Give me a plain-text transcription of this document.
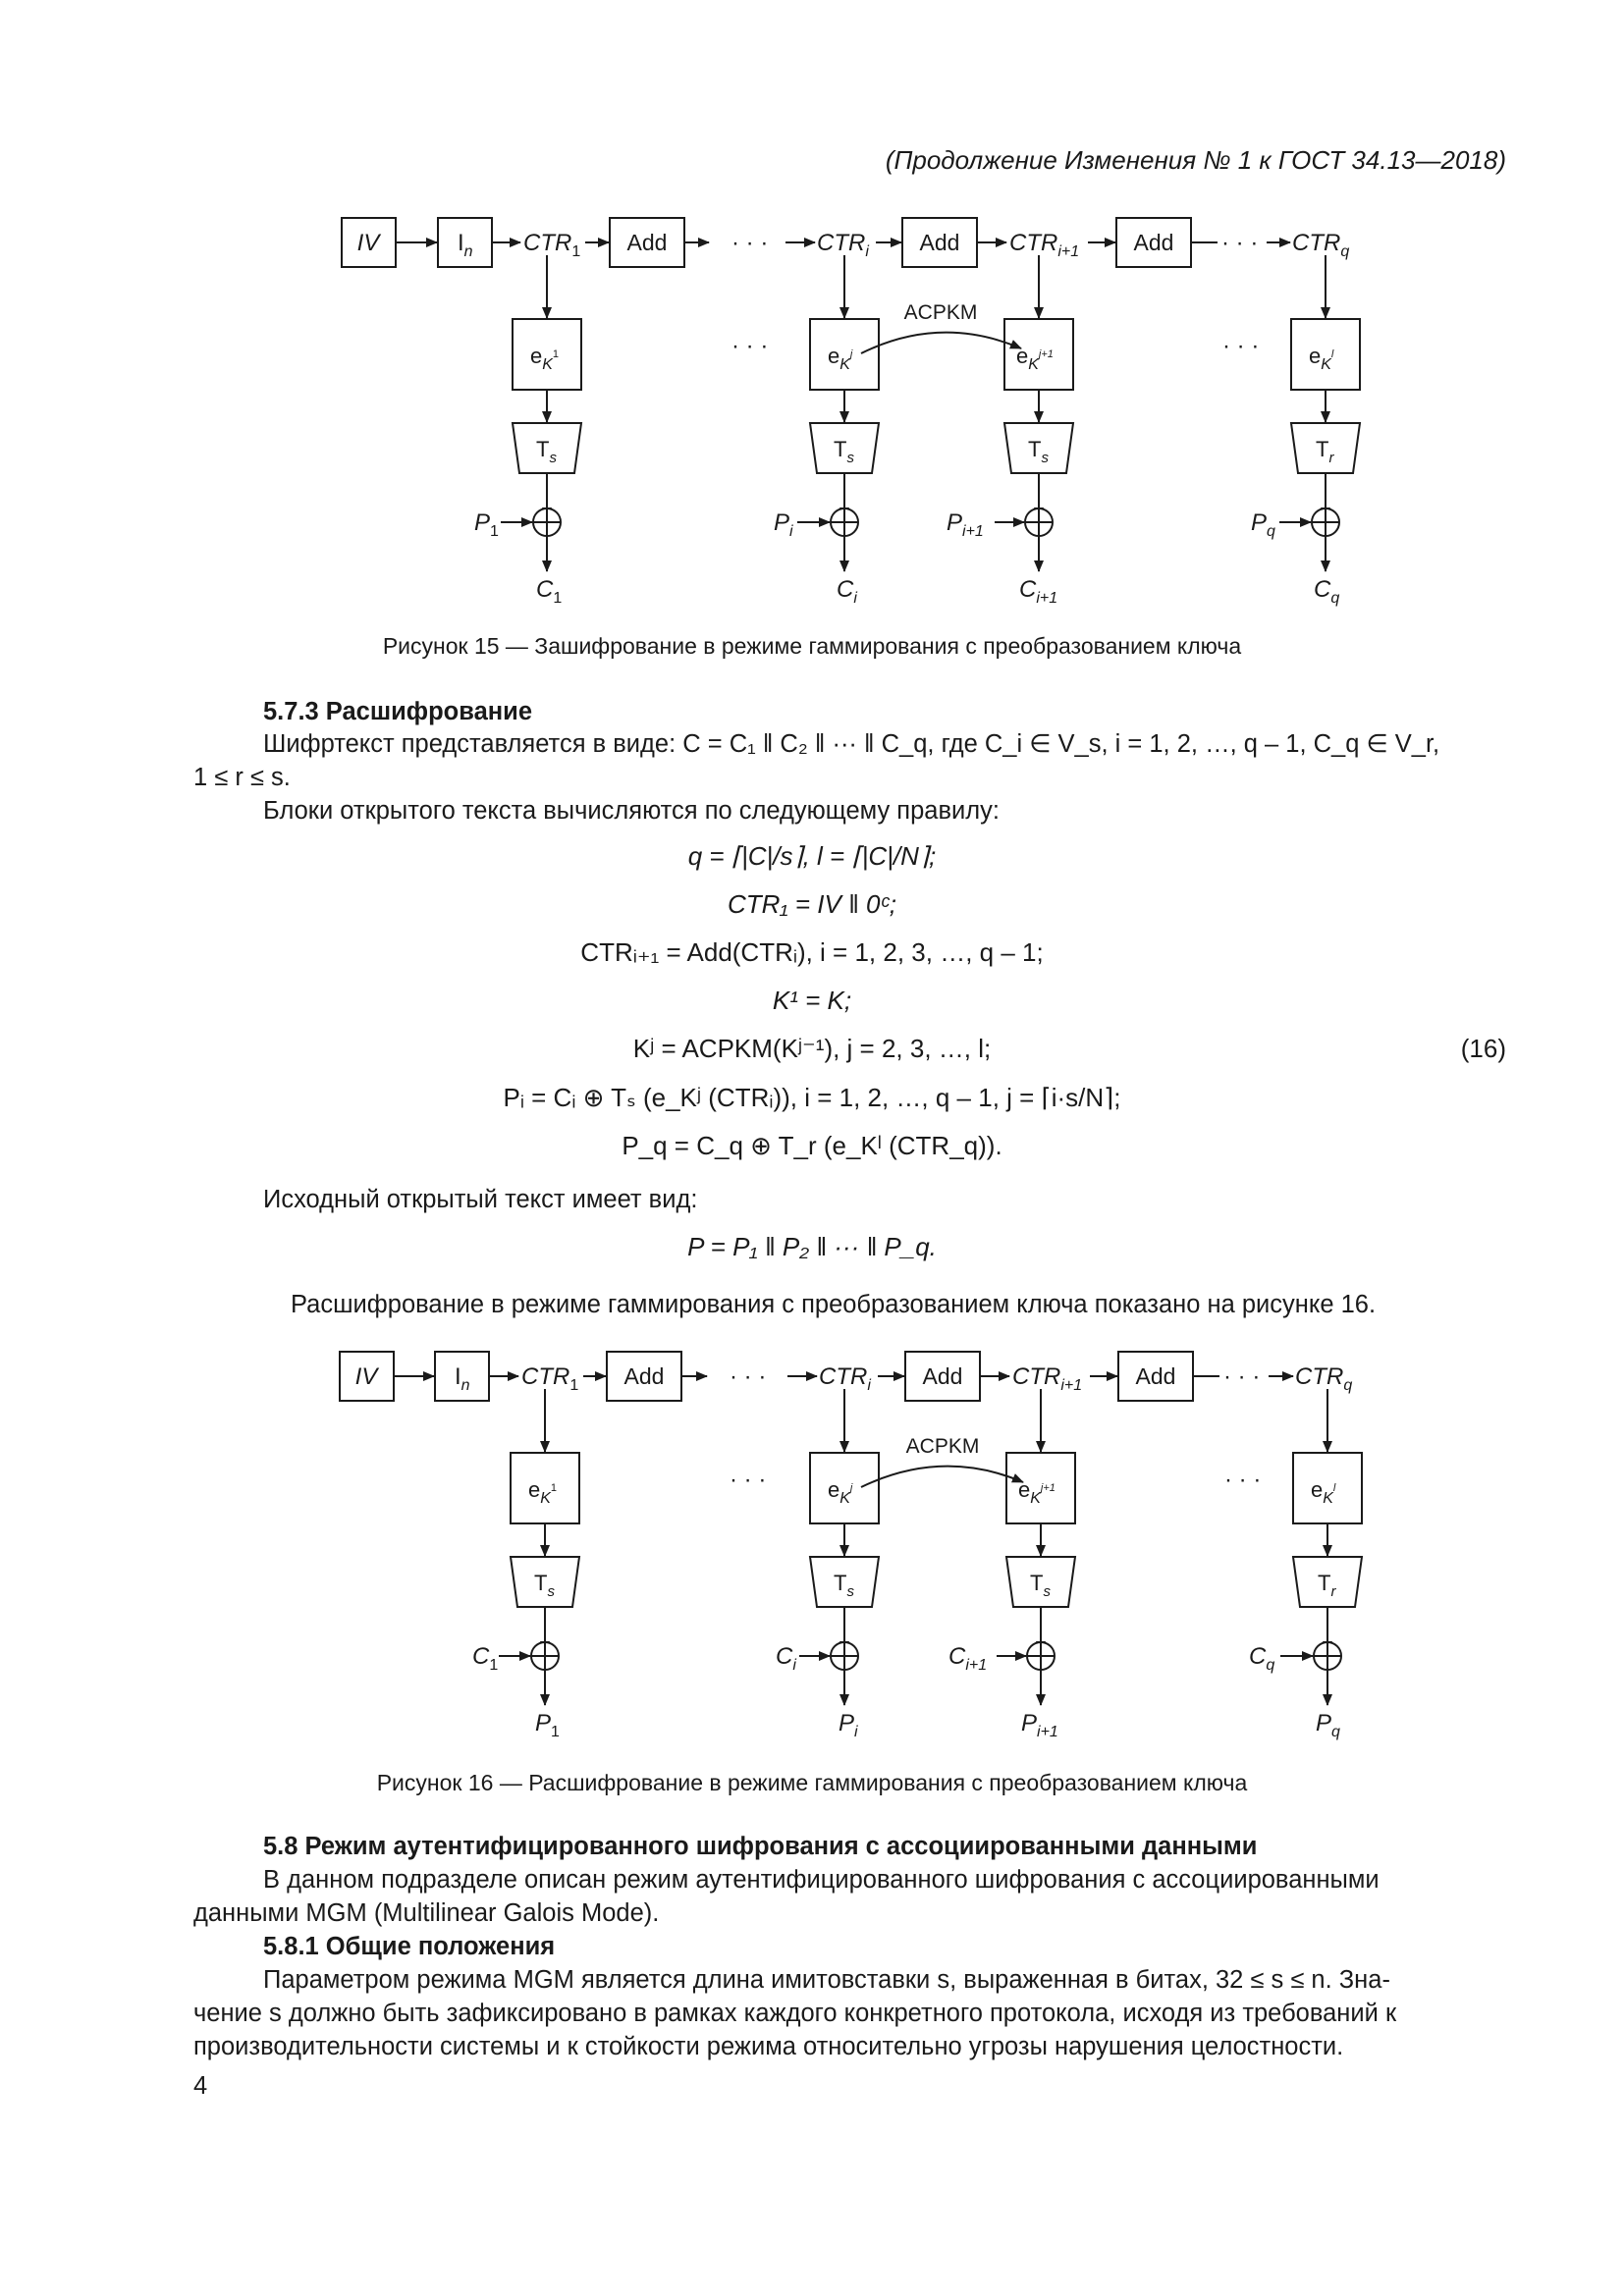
(Продолжение Изменения № 1 к ГОСТ 34.13—2018)
IV	$I_n$ $CTR_1$ Add	· · · $CTR_i$ Add $CTR_{i+1}$ Add · · · $CTR_q$
$e_K^1$	· · ·	$e_K^j$	$e_K^{j+1}$	· · · $e_K^l$
ACPKM
$T_s$	$T_s$	$T_s$	$T_r$
$P_1$	$P_i$	$P_{i+1}$	$P_q$
$C_1$	$C_i$	$C_{i+1}$	$C_q$
Рисунок 15 — Зашифрование в режиме гаммирования с преобразованием ключа
5.7.3 Расшифрование
Шифртекст представляется в виде: C = C₁ ‖ C₂ ‖ ··· ‖ C_q, где C_i ∈ V_s, i = 1, 2, …, q – 1, C_q ∈ V_r,
1 ≤ r ≤ s.
Блоки открытого текста вычисляются по следующему правилу:
q = ⌈|C|/s⌉, l = ⌈|C|/N⌉;
CTR₁ = IV ‖ 0ᶜ;
CTRᵢ₊₁ = Add(CTRᵢ), i = 1, 2, 3, …, q – 1;
K¹ = K;
Kʲ = ACPKM(Kʲ⁻¹), j = 2, 3, …, l;	(16)
Pᵢ = Cᵢ ⊕ Tₛ (e_Kʲ (CTRᵢ)), i = 1, 2, …, q – 1, j = ⌈i·s/N⌉;
P_q = C_q ⊕ T_r (e_Kˡ (CTR_q)).
Исходный открытый текст имеет вид:
P = P₁ ‖ P₂ ‖ ··· ‖ P_q.
Расшифрование в режиме гаммирования с преобразованием ключа показано на рисунке 16.
IV	$I_n$ $CTR_1$ Add	· · · $CTR_i$ Add $CTR_{i+1}$ Add · · · $CTR_q$
$e_K^1$	· · ·	$e_K^j$	$e_K^{j+1}$	· · · $e_K^l$
ACPKM
$T_s$	$T_s$	$T_s$	$T_r$
$C_1$	$C_i$	$C_{i+1}$	$C_q$
$P_1$	$P_i$	$P_{i+1}$	$P_q$
Рисунок 16 — Расшифрование в режиме гаммирования с преобразованием ключа
5.8 Режим аутентифицированного шифрования с ассоциированными данными
В данном подразделе описан режим аутентифицированного шифрования с ассоциированными
данными MGM (Multilinear Galois Mode).
5.8.1 Общие положения
Параметром режима MGM является длина имитовставки s, выраженная в битах, 32 ≤ s ≤ n. Зна-
чение s должно быть зафиксировано в рамках каждого конкретного протокола, исходя из требований к
производительности системы и к стойкости режима относительно угрозы нарушения целостности.
4
